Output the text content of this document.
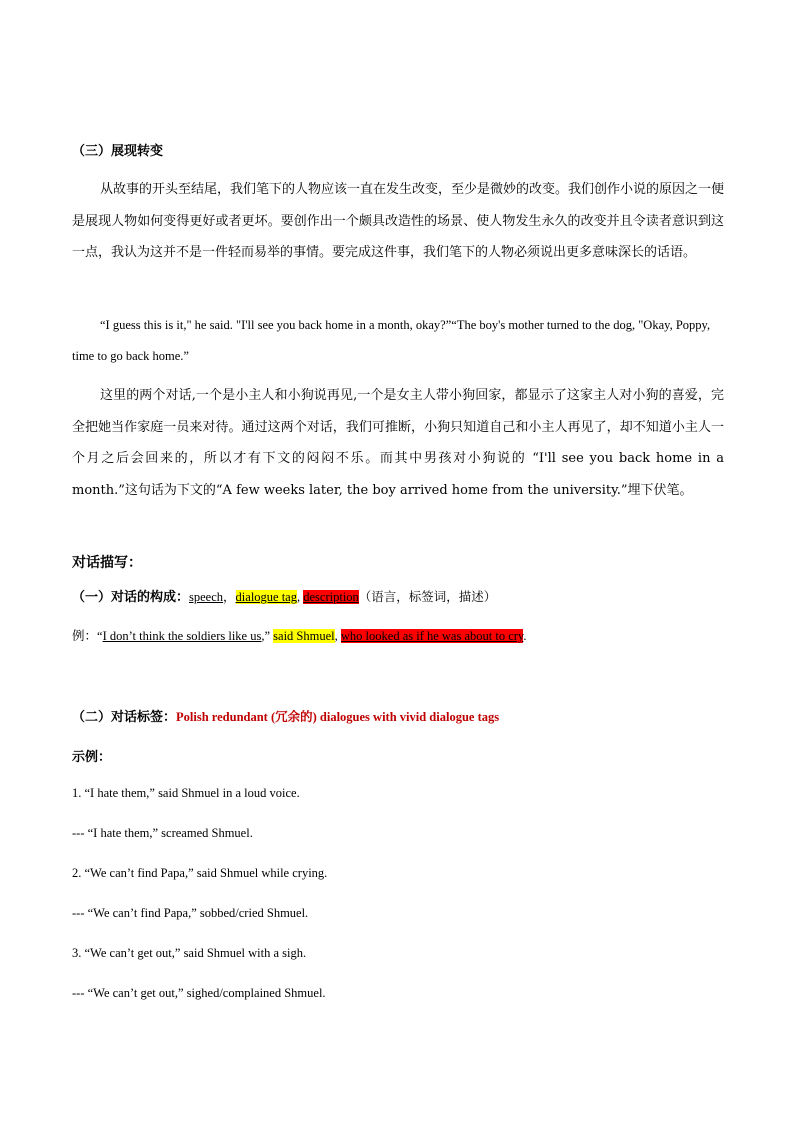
（三）展现转变

从故事的开头至结尾，我们笔下的人物应该一直在发生改变，至少是微妙的改变。我们创作小说的原因之一便是展现人物如何变得更好或者更坏。要创作出一个颇具改造性的场景、使人物发生永久的改变并且令读者意识到这一点，我认为这并不是一件轻而易举的事情。要完成这件事，我们笔下的人物必须说出更多意味深长的话语。

“I guess this is it," he said. "I'll see you back home in a month, okay?”“The boy's mother turned to the dog, "Okay, Poppy, time to go back home.”

这里的两个对话,一个是小主人和小狗说再见,一个是女主人带小狗回家，都显示了这家主人对小狗的喜爱，完全把她当作家庭一员来对待。通过这两个对话，我们可推断，小狗只知道自己和小主人再见了，却不知道小主人一个月之后会回来的，所以才有下文的闷闷不乐。而其中男孩对小狗说的 “I'll see you back home in a month.”这句话为下文的“A few weeks later, the boy arrived home from the university.”埋下伏笔。

对话描写：
（一）对话的构成：speech，dialogue tag, description（语言，标签词，描述）
例：“I don’t think the soldiers like us,” said Shmuel, who looked as if he was about to cry.
（二）对话标签：Polish redundant (冗余的) dialogues with vivid dialogue tags
示例：
1. “I hate them,” said Shmuel in a loud voice.
--- “I hate them,” screamed Shmuel.
2. “We can’t find Papa,” said Shmuel while crying.
--- “We can’t find Papa,” sobbed/cried Shmuel.
3. “We can’t get out,” said Shmuel with a sigh.
--- “We can’t get out,” sighed/complained Shmuel.
